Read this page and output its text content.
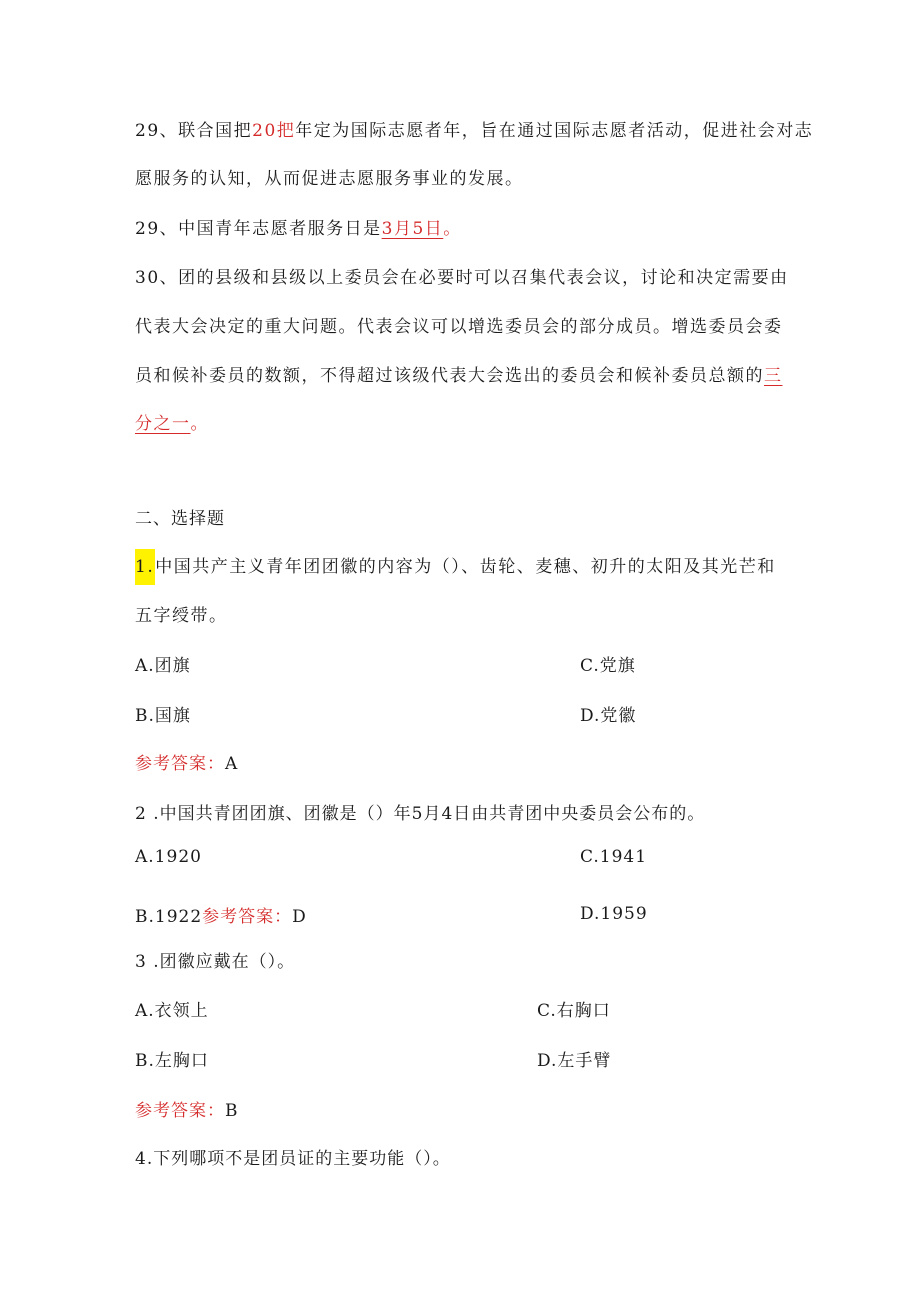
29、联合国把20把年定为国际志愿者年，旨在通过国际志愿者活动，促进社会对志
愿服务的认知，从而促进志愿服务事业的发展。
29、中国青年志愿者服务日是3月5日。
30、团的县级和县级以上委员会在必要时可以召集代表会议，讨论和决定需要由
代表大会决定的重大问题。代表会议可以增选委员会的部分成员。增选委员会委
员和候补委员的数额，不得超过该级代表大会选出的委员会和候补委员总额的三
分之一。
二、选择题
1.中国共产主义青年团团徽的内容为（）、齿轮、麦穗、初升的太阳及其光芒和
五字绶带。
A.团旗	C.党旗
B.国旗	D.党徽
参考答案：A
2 .中国共青团团旗、团徽是（）年5月4日由共青团中央委员会公布的。
A.1920	C.1941
B.1922参考答案：D	D.1959
3 .团徽应戴在（）。
A.衣领上	C.右胸口
B.左胸口	D.左手臂
参考答案：B
4.下列哪项不是团员证的主要功能（）。
